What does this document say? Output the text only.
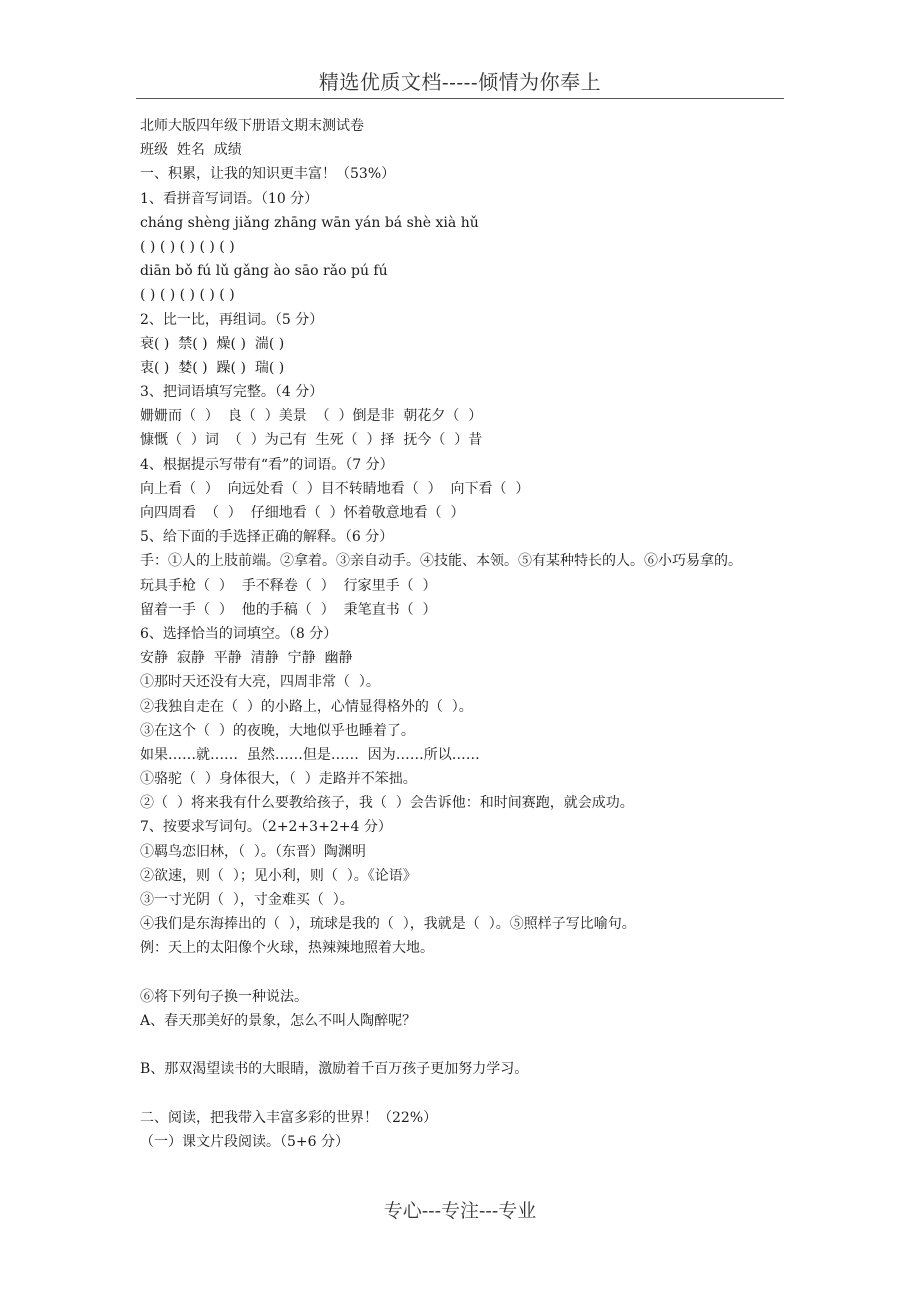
精选优质文档-----倾情为你奉上
北师大版四年级下册语文期末测试卷
班级  姓名  成绩
一、积累，让我的知识更丰富！（53%）
1、看拼音写词语。（10 分）
cháng shèng jiǎng zhāng wān yán bá shè xià hǔ
( ) ( ) ( ) ( ) ( )
diān bǒ fú lǔ gǎng ào sāo rǎo pú fú
( ) ( ) ( ) ( ) ( )
2、比一比，再组词。（5 分）
衰( )  禁( )  燥( )  湍( )
衷( )  婪( )  躁( )  瑞( )
3、把词语填写完整。（4 分）
姗姗而（  ）  良（  ）美景  （  ）倒是非  朝花夕（  ）
慷慨（  ）词  （  ）为己有  生死（  ）择  抚今（  ）昔
4、根据提示写带有“看”的词语。（7 分）
向上看（  ）  向远处看（  ）目不转睛地看（  ）  向下看（  ）
向四周看  （  ）  仔细地看（  ）怀着敬意地看（  ）
5、给下面的手选择正确的解释。（6 分）
手：①人的上肢前端。②拿着。③亲自动手。④技能、本领。⑤有某种特长的人。⑥小巧易拿的。
玩具手枪（  ）  手不释卷（  ）  行家里手（  ）
留着一手（  ）  他的手稿（  ）  秉笔直书（  ）
6、选择恰当的词填空。（8 分）
安静  寂静  平静  清静  宁静  幽静
①那时天还没有大亮，四周非常（  ）。
②我独自走在（  ）的小路上，心情显得格外的（  ）。
③在这个（  ）的夜晚，大地似乎也睡着了。
如果……就……  虽然……但是……  因为……所以……
①骆驼（  ）身体很大，（  ）走路并不笨拙。
②（  ）将来我有什么要教给孩子，我（  ）会告诉他：和时间赛跑，就会成功。
7、按要求写词句。（2+2+3+2+4 分）
①羁鸟恋旧林，（  ）。（东晋）陶渊明
②欲速，则（  ）；见小利，则（  ）。《论语》
③一寸光阴（  ），寸金难买（  ）。
④我们是东海捧出的（  ），琉球是我的（  ），我就是（  ）。⑤照样子写比喻句。
例：天上的太阳像个火球，热辣辣地照着大地。
⑥将下列句子换一种说法。
A、春天那美好的景象，怎么不叫人陶醉呢？
B、那双渴望读书的大眼睛，激励着千百万孩子更加努力学习。
二、阅读，把我带入丰富多彩的世界！（22%）
（一）课文片段阅读。（5+6 分）
专心---专注---专业
